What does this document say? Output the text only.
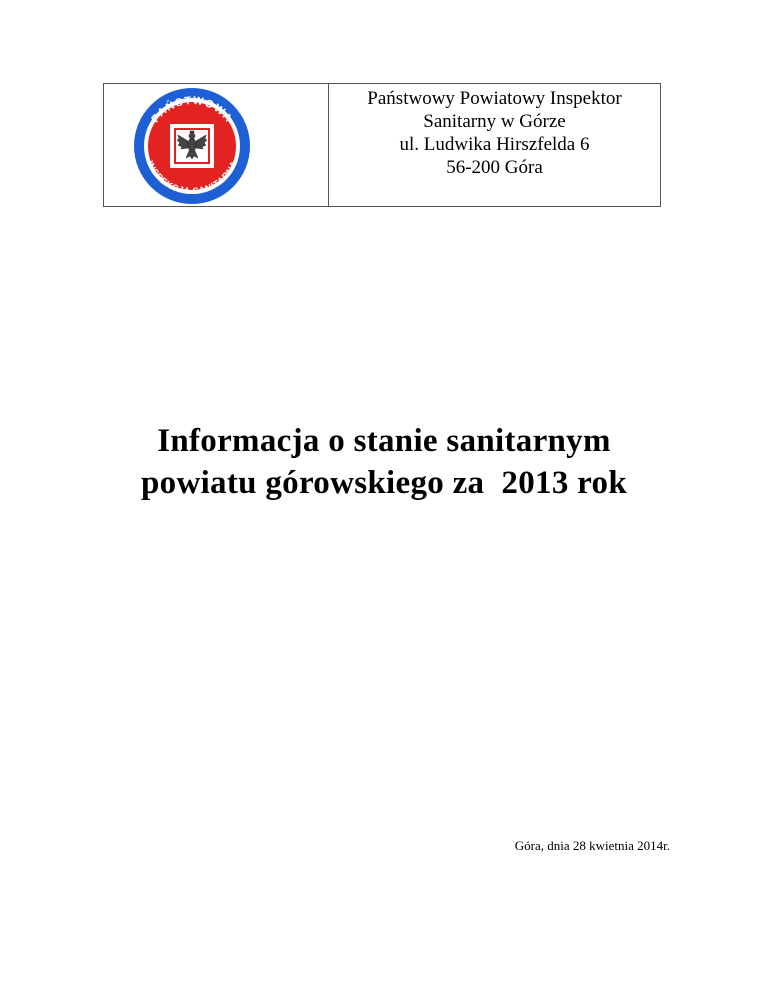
PAŃSTWOWA
INSPEKCJA SANITARNA
Państwowy Powiatowy Inspektor
Sanitarny w Górze
ul. Ludwika Hirszfelda 6
56-200 Góra
Informacja o stanie sanitarnym
powiatu górowskiego za  2013 rok
Góra, dnia 28 kwietnia 2014r.
